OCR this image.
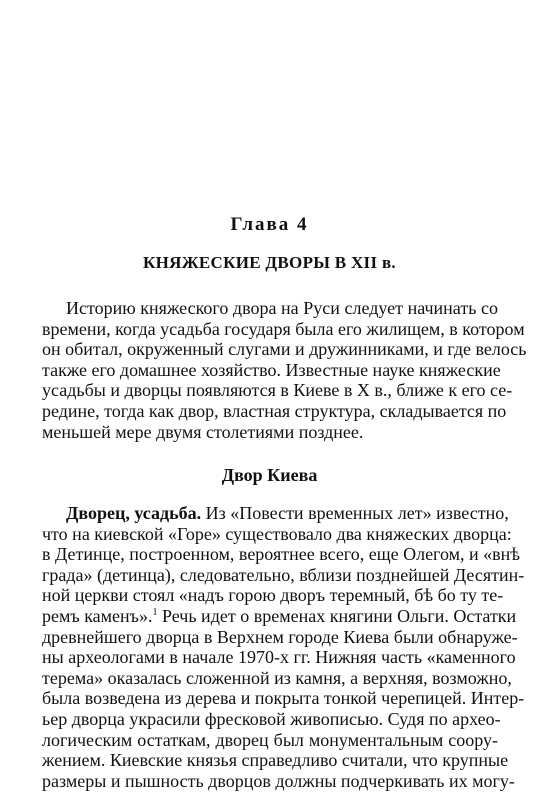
Глава 4
КНЯЖЕСКИЕ ДВОРЫ В XII в.
Историю княжеского двора на Руси следует начинать со
времени, когда усадьба государя была его жилищем, в котором
он обитал, окруженный слугами и дружинниками, и где велось
также его домашнее хозяйство. Известные науке княжеские
усадьбы и дворцы появляются в Киеве в X в., ближе к его се-
редине, тогда как двор, властная структура, складывается по
меньшей мере двумя столетиями позднее.
Двор Киева
Дворец, усадьба. Из «Повести временных лет» известно,
что на киевской «Горе» существовало два княжеских дворца:
в Детинце, построенном, вероятнее всего, еще Олегом, и «внѣ
града» (детинца), следовательно, вблизи позднейшей Десятин-
ной церкви стоял «надъ горою дворъ теремный, бѣ бо ту те-
ремъ каменъ».$^1$ Речь идет о временах княгини Ольги. Остатки
древнейшего дворца в Верхнем городе Киева были обнаруже-
ны археологами в начале 1970-х гг. Нижняя часть «каменного
терема» оказалась сложенной из камня, а верхняя, возможно,
была возведена из дерева и покрыта тонкой черепицей. Интер-
ьер дворца украсили фресковой живописью. Судя по архео-
логическим остаткам, дворец был монументальным соору-
жением. Киевские князья справедливо считали, что крупные
размеры и пышность дворцов должны подчеркивать их могу-
